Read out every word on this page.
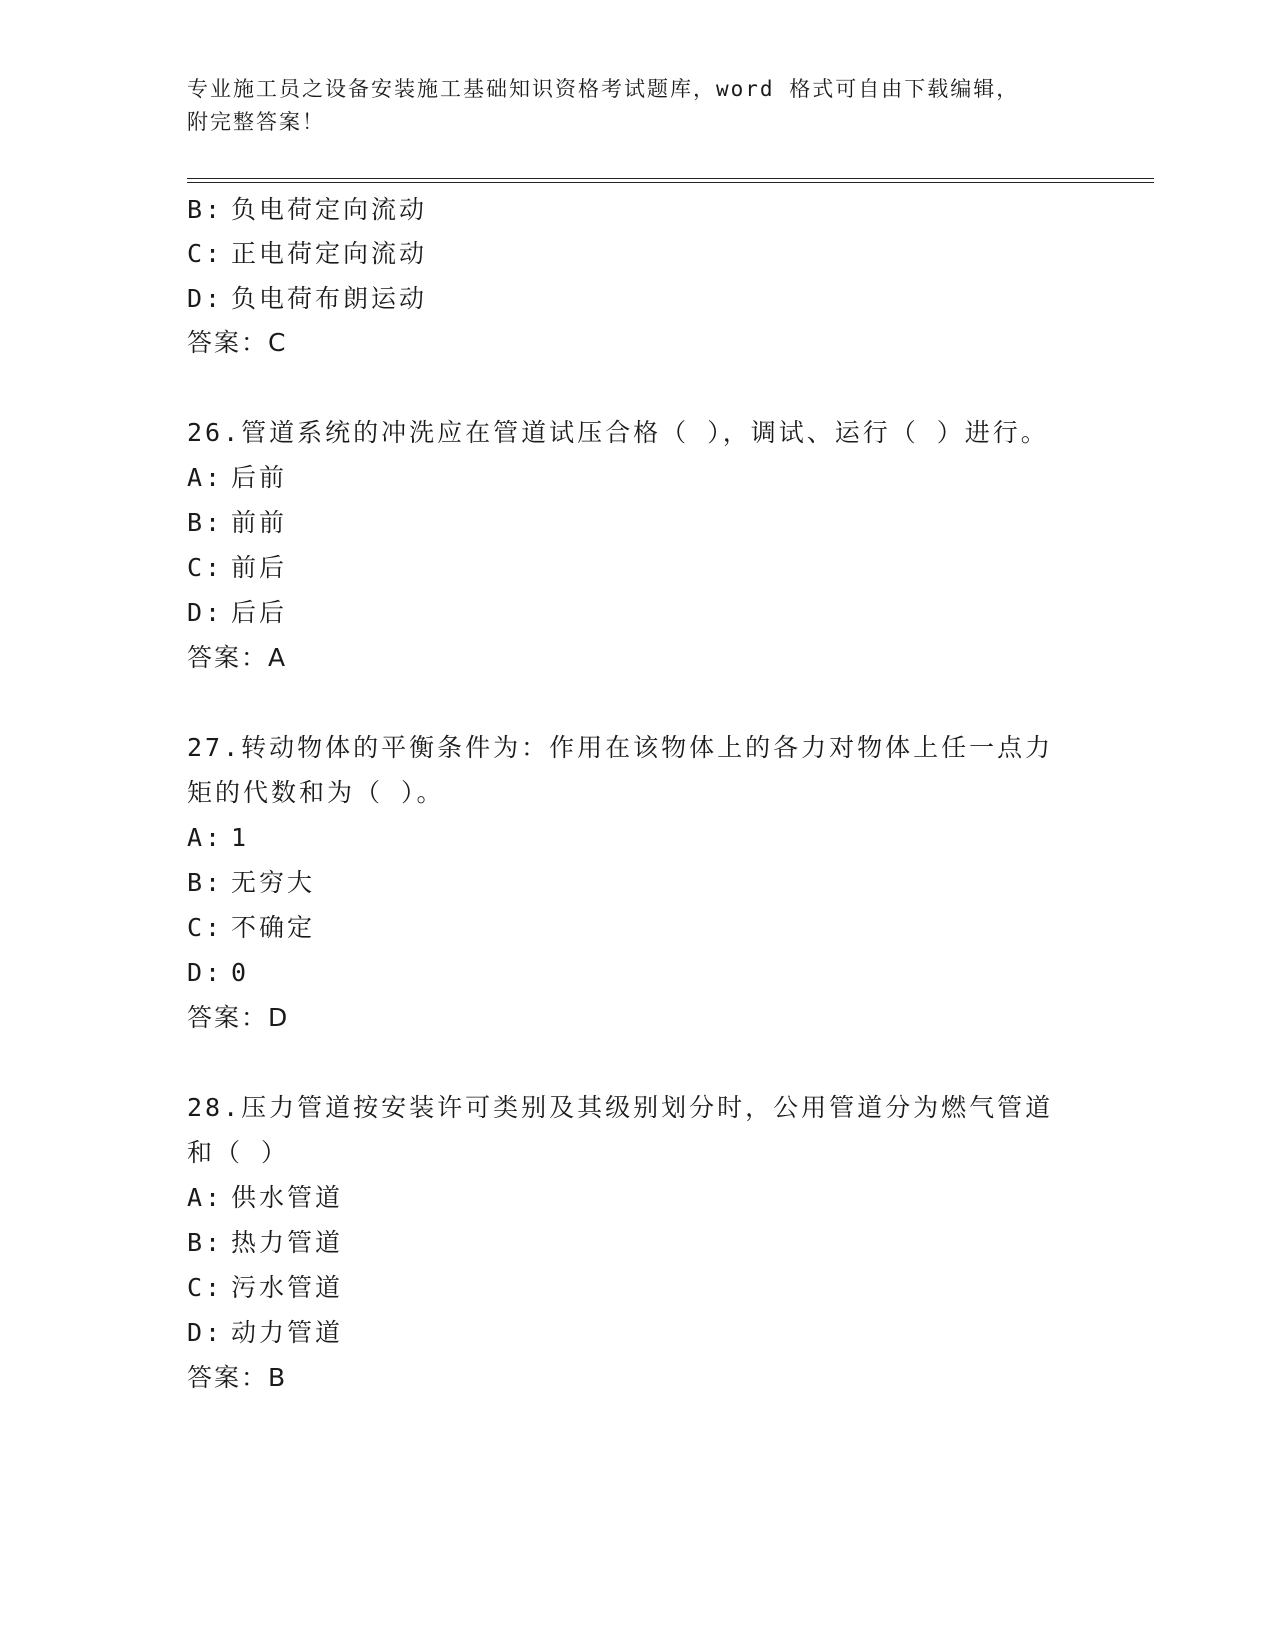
专业施工员之设备安装施工基础知识资格考试题库，word 格式可自由下载编辑，
附完整答案！
B: 负电荷定向流动
C: 正电荷定向流动
D: 负电荷布朗运动
答案：C
26.管道系统的冲洗应在管道试压合格（ ），调试、运行（ ）进行。
A: 后前
B: 前前
C: 前后
D: 后后
答案：A
27.转动物体的平衡条件为：作用在该物体上的各力对物体上任一点力
矩的代数和为（ ）。
A: 1
B: 无穷大
C: 不确定
D: 0
答案：D
28.压力管道按安装许可类别及其级别划分时，公用管道分为燃气管道
和（ ）
A: 供水管道
B: 热力管道
C: 污水管道
D: 动力管道
答案：B
